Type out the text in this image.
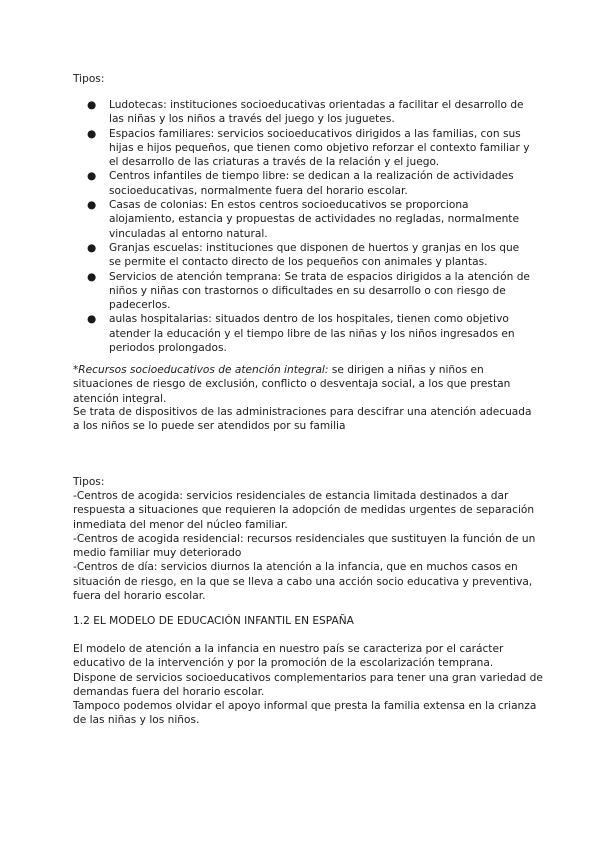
Tipos:
● Ludotecas: instituciones socioeducativas orientadas a facilitar el desarrollo de las niñas y los niños a través del juego y los juguetes.
● Espacios familiares: servicios socioeducativos dirigidos a las familias, con sus hijas e hijos pequeños, que tienen como objetivo reforzar el contexto familiar y el desarrollo de las criaturas a través de la relación y el juego.
● Centros infantiles de tiempo libre: se dedican a la realización de actividades socioeducativas, normalmente fuera del horario escolar.
● Casas de colonias: En estos centros socioeducativos se proporciona alojamiento, estancia y propuestas de actividades no regladas, normalmente vinculadas al entorno natural.
● Granjas escuelas: instituciones que disponen de huertos y granjas en los que se permite el contacto directo de los pequeños con animales y plantas.
● Servicios de atención temprana: Se trata de espacios dirigidos a la atención de niños y niñas con trastornos o dificultades en su desarrollo o con riesgo de padecerlos.
● aulas hospitalarias: situados dentro de los hospitales, tienen como objetivo atender la educación y el tiempo libre de las niñas y los niños ingresados en periodos prolongados.

*Recursos socioeducativos de atención integral: se dirigen a niñas y niños en situaciones de riesgo de exclusión, conflicto o desventaja social, a los que prestan atención integral.

Se trata de dispositivos de las administraciones para descifrar una atención adecuada a los niños se lo puede ser atendidos por su familia

Tipos:
-Centros de acogida: servicios residenciales de estancia limitada destinados a dar respuesta a situaciones que requieren la adopción de medidas urgentes de separación inmediata del menor del núcleo familiar.
-Centros de acogida residencial: recursos residenciales que sustituyen la función de un medio familiar muy deteriorado
-Centros de día: servicios diurnos la atención a la infancia, que en muchos casos en situación de riesgo, en la que se lleva a cabo una acción socio educativa y preventiva, fuera del horario escolar.
1.2 EL MODELO DE EDUCACIÓN INFANTIL EN ESPAÑA
El modelo de atención a la infancia en nuestro país se caracteriza por el carácter educativo de la intervención y por la promoción de la escolarización temprana.
Dispone de servicios socioeducativos complementarios para tener una gran variedad de demandas fuera del horario escolar.
Tampoco podemos olvidar el apoyo informal que presta la familia extensa en la crianza de las niñas y los niños.
